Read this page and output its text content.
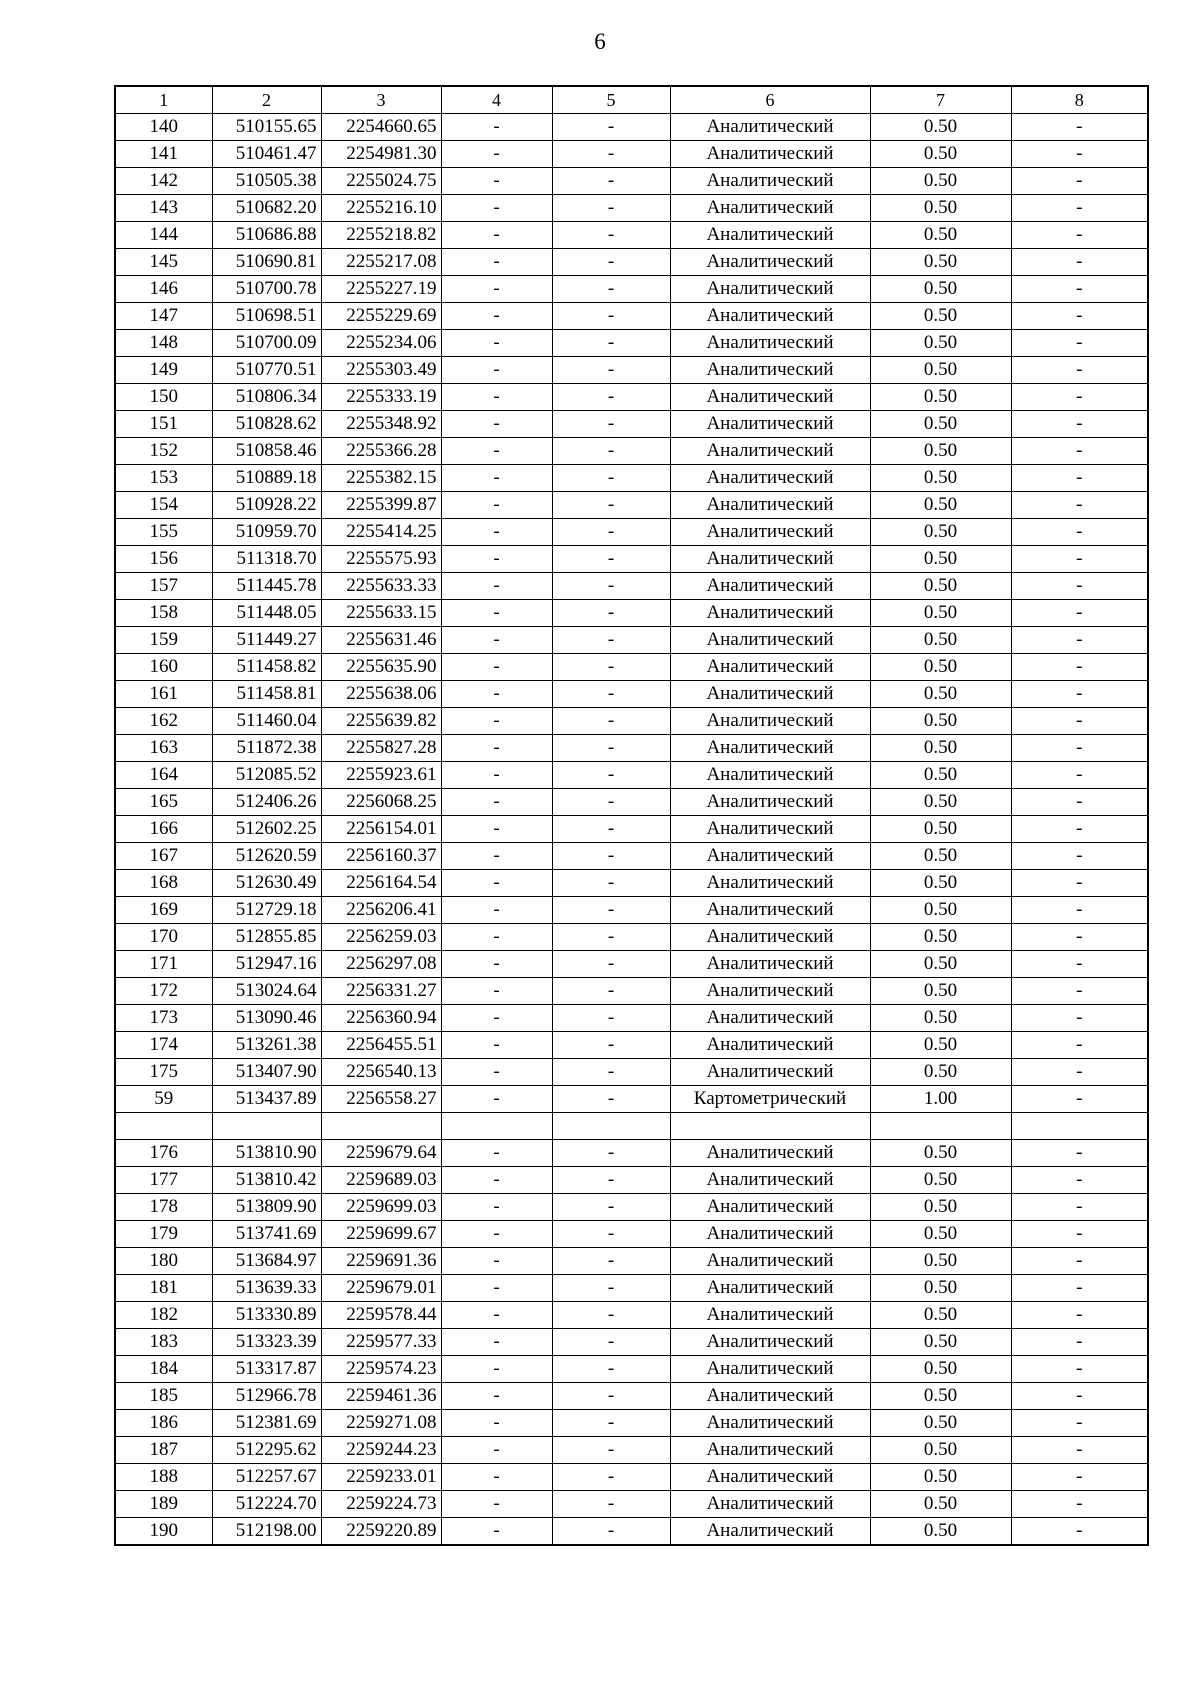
6
1	2	3	4	5	6	7	8
140	510155.65	2254660.65	-	-	Аналитический	0.50	-
141	510461.47	2254981.30	-	-	Аналитический	0.50	-
142	510505.38	2255024.75	-	-	Аналитический	0.50	-
143	510682.20	2255216.10	-	-	Аналитический	0.50	-
144	510686.88	2255218.82	-	-	Аналитический	0.50	-
145	510690.81	2255217.08	-	-	Аналитический	0.50	-
146	510700.78	2255227.19	-	-	Аналитический	0.50	-
147	510698.51	2255229.69	-	-	Аналитический	0.50	-
148	510700.09	2255234.06	-	-	Аналитический	0.50	-
149	510770.51	2255303.49	-	-	Аналитический	0.50	-
150	510806.34	2255333.19	-	-	Аналитический	0.50	-
151	510828.62	2255348.92	-	-	Аналитический	0.50	-
152	510858.46	2255366.28	-	-	Аналитический	0.50	-
153	510889.18	2255382.15	-	-	Аналитический	0.50	-
154	510928.22	2255399.87	-	-	Аналитический	0.50	-
155	510959.70	2255414.25	-	-	Аналитический	0.50	-
156	511318.70	2255575.93	-	-	Аналитический	0.50	-
157	511445.78	2255633.33	-	-	Аналитический	0.50	-
158	511448.05	2255633.15	-	-	Аналитический	0.50	-
159	511449.27	2255631.46	-	-	Аналитический	0.50	-
160	511458.82	2255635.90	-	-	Аналитический	0.50	-
161	511458.81	2255638.06	-	-	Аналитический	0.50	-
162	511460.04	2255639.82	-	-	Аналитический	0.50	-
163	511872.38	2255827.28	-	-	Аналитический	0.50	-
164	512085.52	2255923.61	-	-	Аналитический	0.50	-
165	512406.26	2256068.25	-	-	Аналитический	0.50	-
166	512602.25	2256154.01	-	-	Аналитический	0.50	-
167	512620.59	2256160.37	-	-	Аналитический	0.50	-
168	512630.49	2256164.54	-	-	Аналитический	0.50	-
169	512729.18	2256206.41	-	-	Аналитический	0.50	-
170	512855.85	2256259.03	-	-	Аналитический	0.50	-
171	512947.16	2256297.08	-	-	Аналитический	0.50	-
172	513024.64	2256331.27	-	-	Аналитический	0.50	-
173	513090.46	2256360.94	-	-	Аналитический	0.50	-
174	513261.38	2256455.51	-	-	Аналитический	0.50	-
175	513407.90	2256540.13	-	-	Аналитический	0.50	-
59	513437.89	2256558.27	-	-	Картометрический	1.00	-

176	513810.90	2259679.64	-	-	Аналитический	0.50	-
177	513810.42	2259689.03	-	-	Аналитический	0.50	-
178	513809.90	2259699.03	-	-	Аналитический	0.50	-
179	513741.69	2259699.67	-	-	Аналитический	0.50	-
180	513684.97	2259691.36	-	-	Аналитический	0.50	-
181	513639.33	2259679.01	-	-	Аналитический	0.50	-
182	513330.89	2259578.44	-	-	Аналитический	0.50	-
183	513323.39	2259577.33	-	-	Аналитический	0.50	-
184	513317.87	2259574.23	-	-	Аналитический	0.50	-
185	512966.78	2259461.36	-	-	Аналитический	0.50	-
186	512381.69	2259271.08	-	-	Аналитический	0.50	-
187	512295.62	2259244.23	-	-	Аналитический	0.50	-
188	512257.67	2259233.01	-	-	Аналитический	0.50	-
189	512224.70	2259224.73	-	-	Аналитический	0.50	-
190	512198.00	2259220.89	-	-	Аналитический	0.50	-
